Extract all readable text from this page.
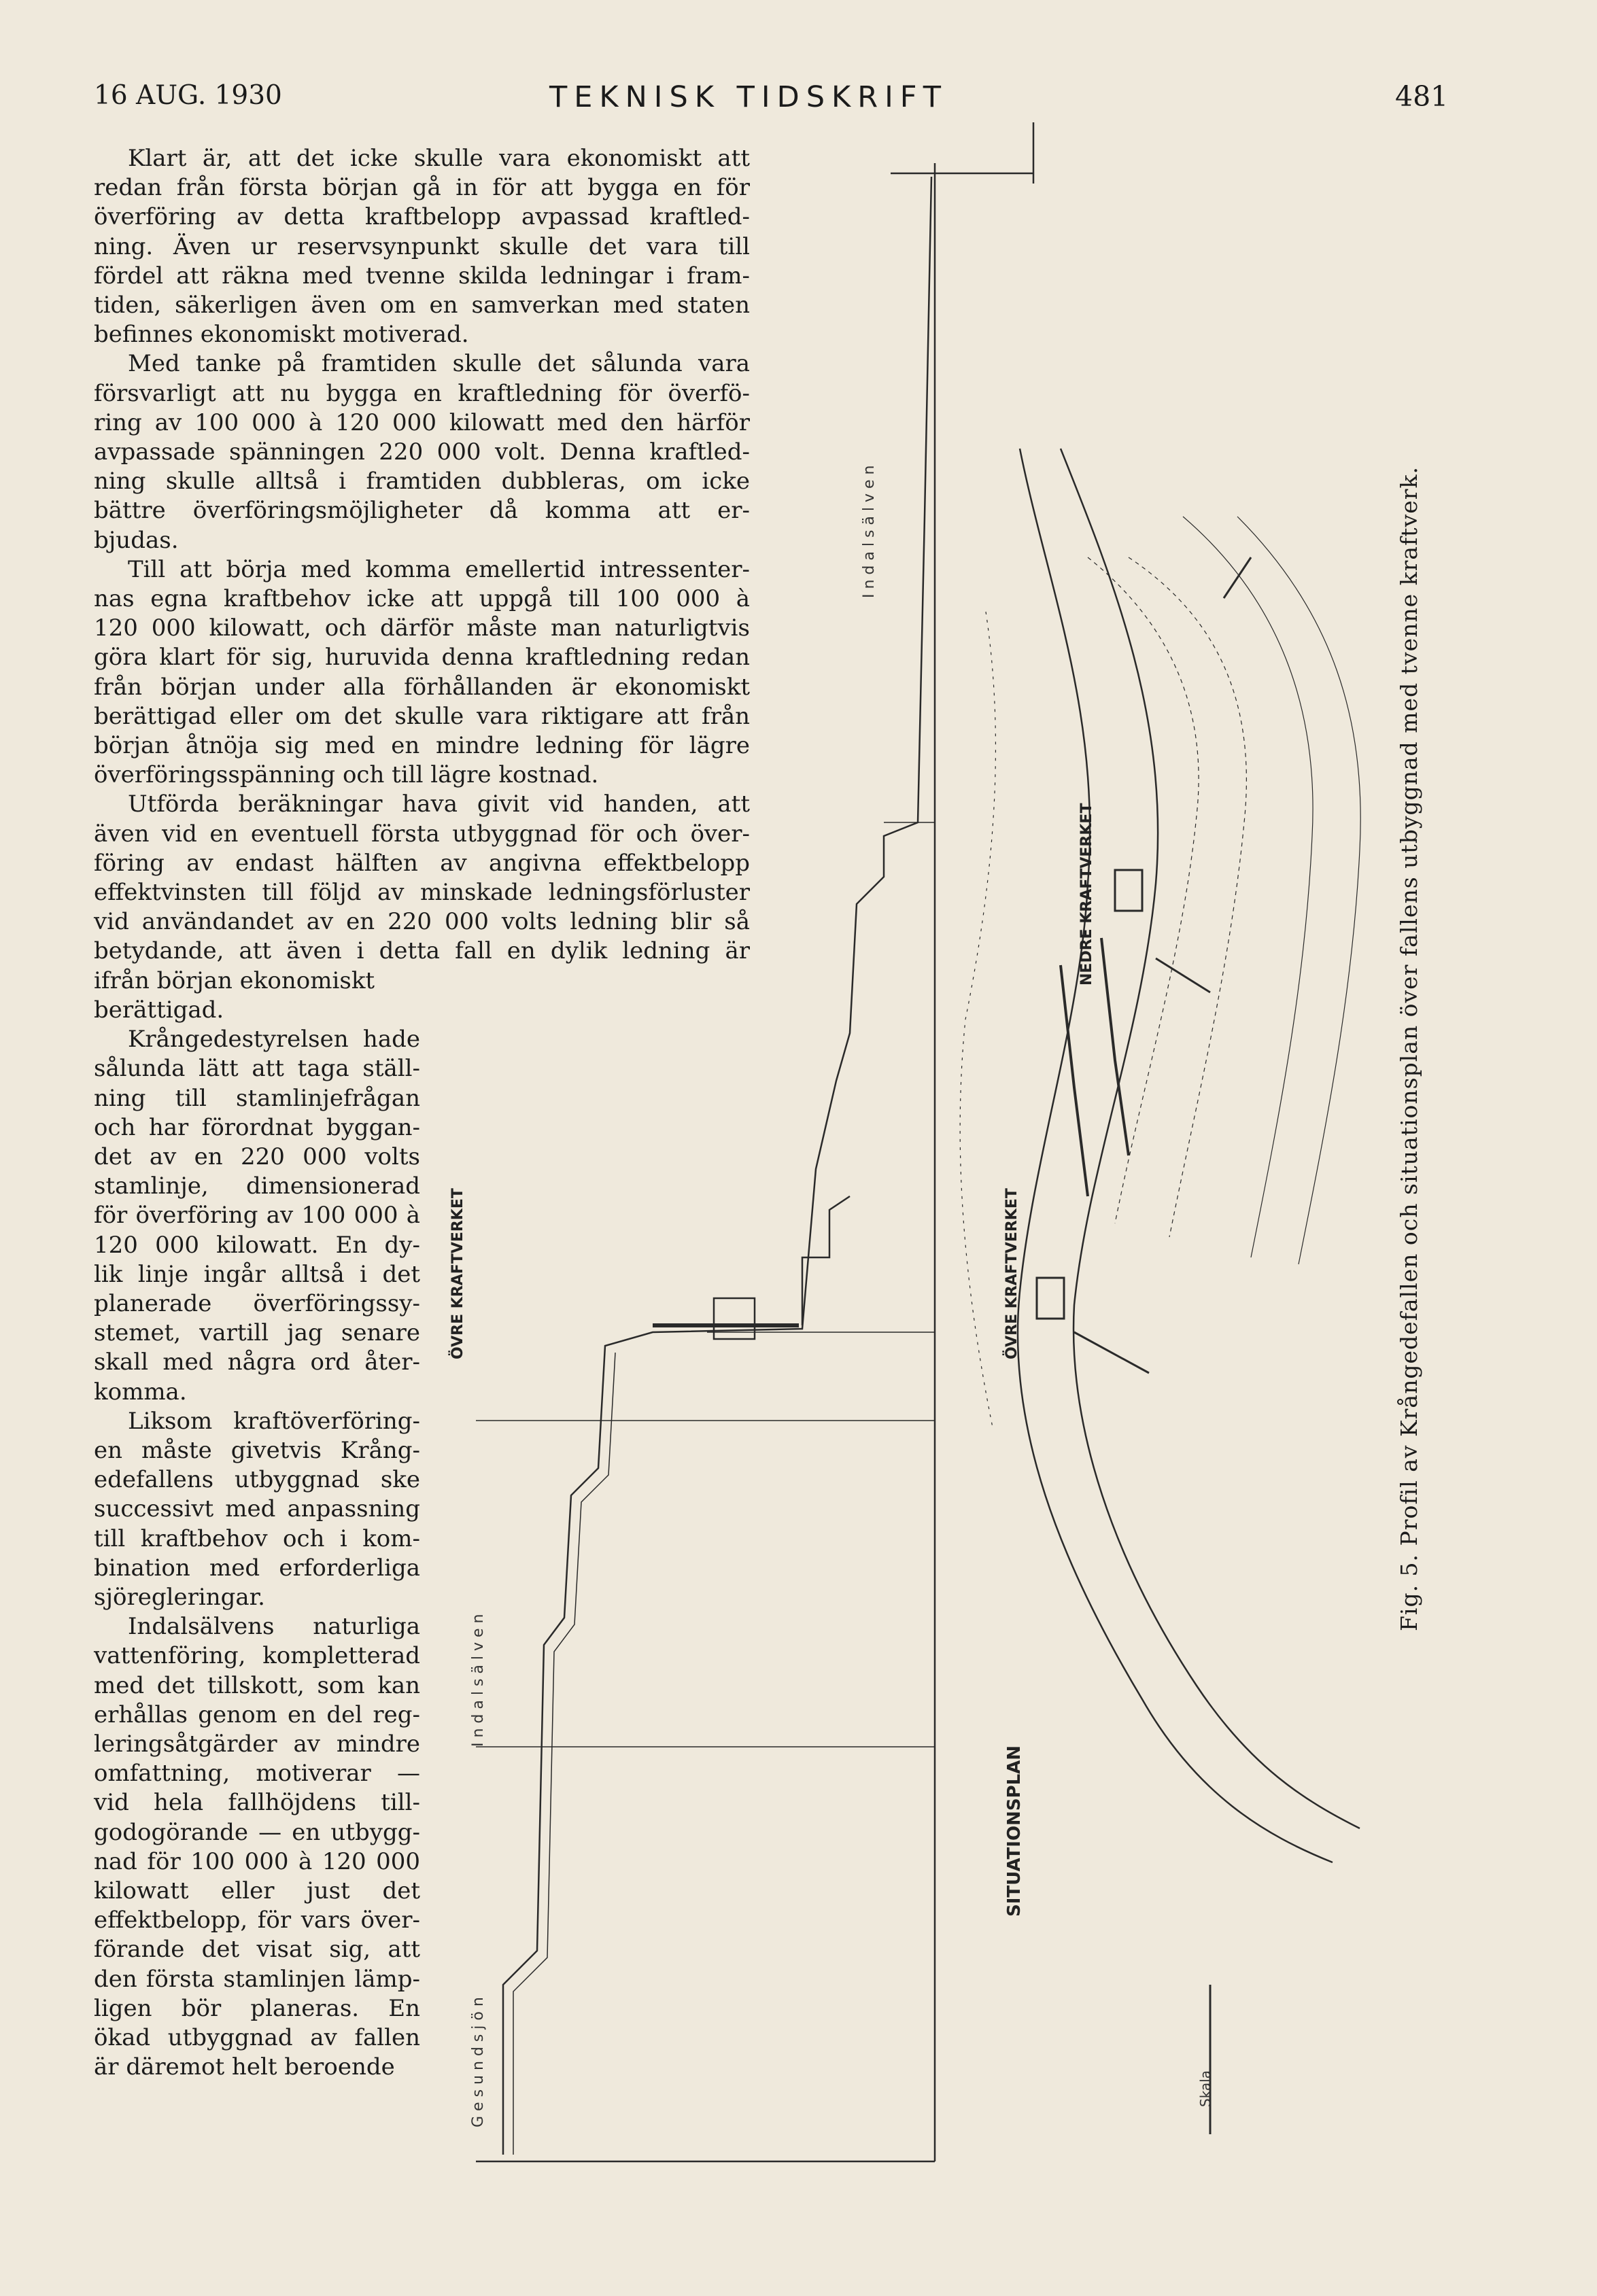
16 AUG. 1930	TEKNISK TIDSKRIFT	481

Klart är, att det icke skulle vara ekonomiskt att

redan från första början gå in för att bygga en för

överföring av detta kraftbelopp avpassad kraftled-

ning. Även ur reservsynpunkt skulle det vara till

fördel att räkna med tvenne skilda ledningar i fram-

tiden, säkerligen även om en samverkan med staten

befinnes ekonomiskt motiverad.

Med tanke på framtiden skulle det sålunda vara

försvarligt att nu bygga en kraftledning för överfö-

ring av 100 000 à 120 000 kilowatt med den härför

avpassade spänningen 220 000 volt. Denna kraftled-

ning skulle alltså i framtiden dubbleras, om icke

bättre överföringsmöjligheter då komma att er-

bjudas.

Till att börja med komma emellertid intressenter-

nas egna kraftbehov icke att uppgå till 100 000 à

120 000 kilowatt, och därför måste man naturligtvis

göra klart för sig, huruvida denna kraftledning redan

från början under alla förhållanden är ekonomiskt

berättigad eller om det skulle vara riktigare att från

början åtnöja sig med en mindre ledning för lägre

överföringsspänning och till lägre kostnad.

Utförda beräkningar hava givit vid handen, att

även vid en eventuell första utbyggnad för och över-

föring av endast hälften av angivna effektbelopp

effektvinsten till följd av minskade ledningsförluster

vid användandet av en 220 000 volts ledning blir så

betydande, att även i detta fall en dylik ledning är

ifrån början ekonomiskt

berättigad.

Krångedestyrelsen hade

sålunda lätt att taga ställ-

ning till stamlinjefrågan

och har förordnat byggan-

det av en 220 000 volts

stamlinje, dimensionerad

för överföring av 100 000 à

120 000 kilowatt. En dy-

lik linje ingår alltså i det

planerade överföringssy-

stemet, vartill jag senare

skall med några ord åter-

komma.

Liksom kraftöverföring-

en måste givetvis Krång-

edefallens utbyggnad ske

successivt med anpassning

till kraftbehov och i kom-

bination med erforderliga

sjöregleringar.

Indalsälvens naturliga

vattenföring, kompletterad

med det tillskott, som kan

erhållas genom en del reg-

leringsåtgärder av mindre

omfattning, motiverar —

vid hela fallhöjdens till-

godogörande — en utbygg-

nad för 100 000 à 120 000

kilowatt eller just det

effektbelopp, för vars över-

förande det visat sig, att

den första stamlinjen lämp-

ligen bör planeras. En

ökad utbyggnad av fallen

är däremot helt beroende

ÖVRE KRAFTVERKET	ÖVRE KRAFTVERKET
NEDRE KRAFTVERKET
SITUATIONSPLAN
I n d a l s ä l v e n
I n d a l s ä l v e n
G e s u n d s j ö n	Skala
Fig. 5. Profil av Krångedefallen och situationsplan över fallens utbyggnad med tvenne kraftverk.
